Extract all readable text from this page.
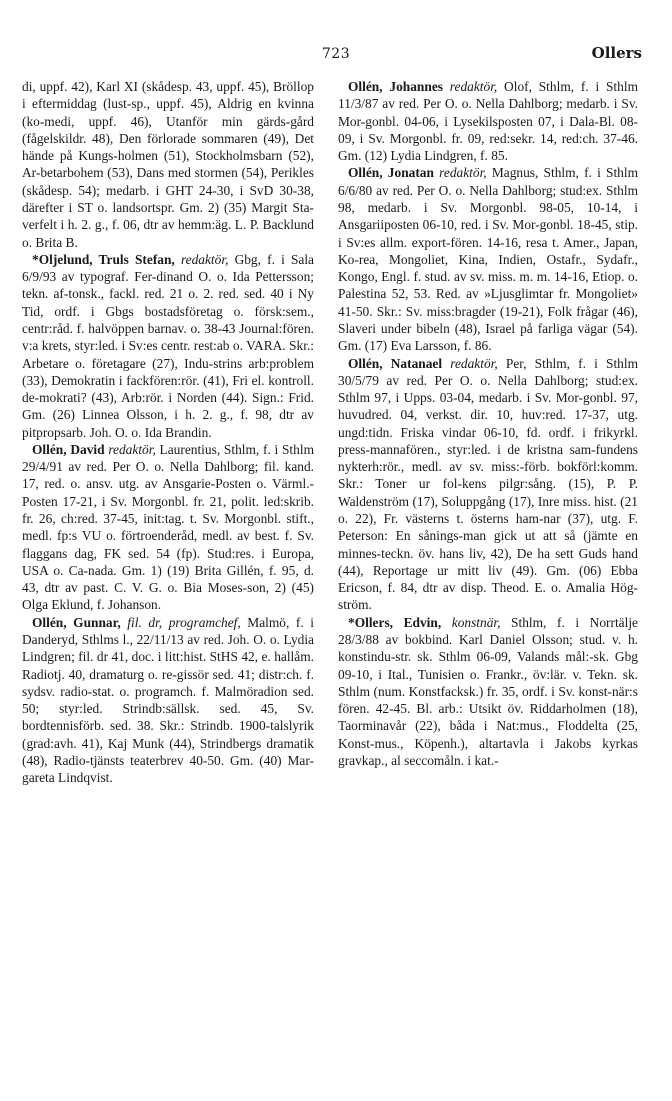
723	Ollers

di, uppf. 42), Karl XI (skådesp. 43, uppf. 45), Bröllop i eftermiddag (lust-sp., uppf. 45), Aldrig en kvinna (ko-medi, uppf. 46), Utanför min gärds-gård (fågelskildr. 48), Den förlorade sommaren (49), Det hände på Kungs-holmen (51), Stockholmsbarn (52), Ar-betarbohem (53), Dans med stormen (54), Perikles (skådesp. 54); medarb. i GHT 24-30, i SvD 30-38, därefter i ST o. landsortspr. Gm. 2) (35) Margit Sta-verfelt i h. 2. g., f. 06, dtr av hemm:äg. L. P. Backlund o. Brita B.

*Oljelund, Truls Stefan, redaktör, Gbg, f. i Sala 6/9/93 av typograf. Fer-dinand O. o. Ida Pettersson; tekn. af-tonsk., fackl. red. 21 o. 2. red. sed. 40 i Ny Tid, ordf. i Gbgs bostadsföretag o. försk:sem., centr:råd. f. halvöppen barnav. o. 38-43 Journal:fören. v:a krets, styr:led. i Sv:es centr. rest:ab o. VARA. Skr.: Arbetare o. företagare (27), Indu-strins arb:problem (33), Demokratin i fackfören:rör. (41), Fri el. kontroll. de-mokrati? (43), Arb:rör. i Norden (44). Sign.: Frid. Gm. (26) Linnea Olsson, i h. 2. g., f. 98, dtr av pitpropsarb. Joh. O. o. Ida Brandin.

Ollén, David redaktör, Laurentius, Sthlm, f. i Sthlm 29/4/91 av red. Per O. o. Nella Dahlborg; fil. kand. 17, red. o. ansv. utg. av Ansgarie-Posten o. Värml.-Posten 17-21, i Sv. Morgonbl. fr. 21, polit. led:skrib. fr. 26, ch:red. 37-45, init:tag. t. Sv. Morgonbl. stift., medl. fp:s VU o. förtroenderåd, medl. av best. f. Sv. flaggans dag, FK sed. 54 (fp). Stud:res. i Europa, USA o. Ca-nada. Gm. 1) (19) Brita Gillén, f. 95, d. 43, dtr av past. C. V. G. o. Bia Moses-son, 2) (45) Olga Eklund, f. Johanson.

Ollén, Gunnar, fil. dr, programchef, Malmö, f. i Danderyd, Sthlms l., 22/11/13 av red. Joh. O. o. Lydia Lindgren; fil. dr 41, doc. i litt:hist. StHS 42, e. hallåm. Radiotj. 40, dramaturg o. re-gissör sed. 41; distr:ch. f. sydsv. radio-stat. o. programch. f. Malmöradion sed. 50; styr:led. Strindb:sällsk. sed. 45, Sv. bordtennisförb. sed. 38. Skr.: Strindb. 1900-talslyrik (grad:avh. 41), Kaj Munk (44), Strindbergs dramatik (48), Radio-tjänsts teaterbrev 40-50. Gm. (40) Mar-gareta Lindqvist.

Ollén, Johannes redaktör, Olof, Sthlm, f. i Sthlm 11/3/87 av red. Per O. o. Nella Dahlborg; medarb. i Sv. Mor-gonbl. 04-06, i Lysekilsposten 07, i Dala-Bl. 08-09, i Sv. Morgonbl. fr. 09, red:sekr. 14, red:ch. 37-46. Gm. (12) Lydia Lindgren, f. 85.

Ollén, Jonatan redaktör, Magnus, Sthlm, f. i Sthlm 6/6/80 av red. Per O. o. Nella Dahlborg; stud:ex. Sthlm 98, medarb. i Sv. Morgonbl. 98-05, 10-14, i Ansgariiposten 06-10, red. i Sv. Mor-gonbl. 18-45, stip. i Sv:es allm. export-fören. 14-16, resa t. Amer., Japan, Ko-rea, Mongoliet, Kina, Indien, Ostafr., Sydafr., Kongo, Engl. f. stud. av sv. miss. m. m. 14-16, Etiop. o. Palestina 52, 53. Red. av »Ljusglimtar fr. Mongoliet» 41-50. Skr.: Sv. miss:bragder (19-21), Folk frågar (46), Slaveri under bibeln (48), Israel på farliga vägar (54). Gm. (17) Eva Larsson, f. 86.

Ollén, Natanael redaktör, Per, Sthlm, f. i Sthlm 30/5/79 av red. Per O. o. Nella Dahlborg; stud:ex. Sthlm 97, i Upps. 03-04, medarb. i Sv. Mor-gonbl. 97, huvudred. 04, verkst. dir. 10, huv:red. 17-37, utg. ungd:tidn. Friska vindar 06-10, fd. ordf. i frikyrkl. press-mannafören., styr:led. i de kristna sam-fundens nykterh:rör., medl. av sv. miss:-förb. bokförl:komm. Skr.: Toner ur fol-kens pilgr:sång. (15), P. P. Waldenström (17), Soluppgång (17), Inre miss. hist. (21 o. 22), Fr. västerns t. österns ham-nar (37), utg. F. Peterson: En sånings-man gick ut att så (jämte en minnes-teckn. öv. hans liv, 42), De ha sett Guds hand (44), Reportage ur mitt liv (49). Gm. (06) Ebba Ericson, f. 84, dtr av disp. Theod. E. o. Amalia Hög-ström.

*Ollers, Edvin, konstnär, Sthlm, f. i Norrtälje 28/3/88 av bokbind. Karl Daniel Olsson; stud. v. h. konstindu-str. sk. Sthlm 06-09, Valands mål:-sk. Gbg 09-10, i Ital., Tunisien o. Frankr., öv:lär. v. Tekn. sk. Sthlm (num. Konstfacksk.) fr. 35, ordf. i Sv. konst-när:s fören. 42-45. Bl. arb.: Utsikt öv. Riddarholmen (18), Taorminavår (22), båda i Nat:mus., Floddelta (25, Konst-mus., Köpenh.), altartavla i Jakobs kyrkas gravkap., al seccomåln. i kat.-
